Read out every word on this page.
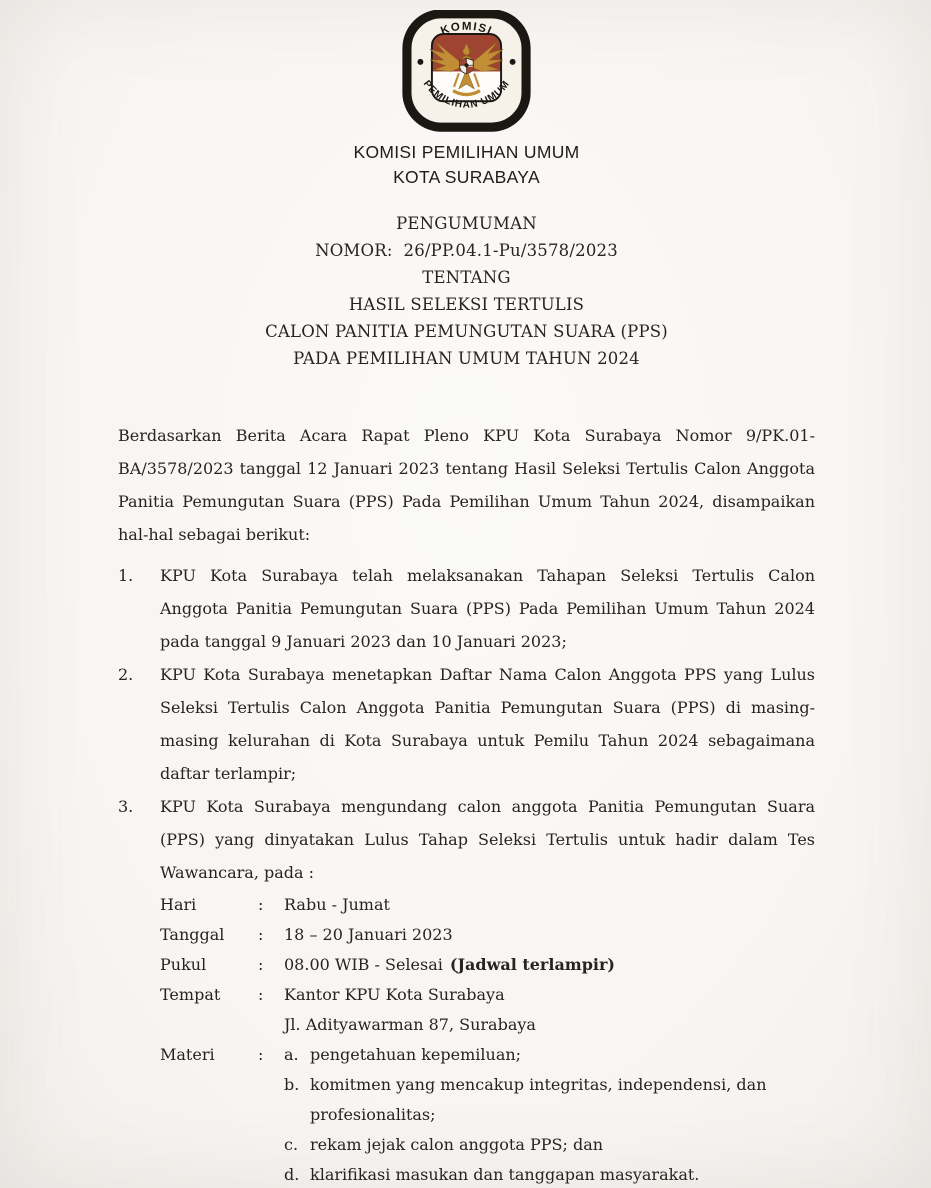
KOMISI
PEMILIHAN UMUM
KOMISI PEMILIHAN UMUM
KOTA SURABAYA
PENGUMUMAN
NOMOR:  26/PP.04.1-Pu/3578/2023
TENTANG
HASIL SELEKSI TERTULIS
CALON PANITIA PEMUNGUTAN SUARA (PPS)
PADA PEMILIHAN UMUM TAHUN 2024

Berdasarkan Berita Acara Rapat Pleno KPU Kota Surabaya Nomor 9/PK.01-BA/3578/2023 tanggal 12 Januari 2023 tentang Hasil Seleksi Tertulis Calon Anggota Panitia Pemungutan Suara (PPS) Pada Pemilihan Umum Tahun 2024, disampaikan hal-hal sebagai berikut:

1.	KPU Kota Surabaya telah melaksanakan Tahapan Seleksi Tertulis Calon Anggota Panitia Pemungutan Suara (PPS) Pada Pemilihan Umum Tahun 2024 pada tanggal 9 Januari 2023 dan 10 Januari 2023;
2.	KPU Kota Surabaya menetapkan Daftar Nama Calon Anggota PPS yang Lulus Seleksi Tertulis Calon Anggota Panitia Pemungutan Suara (PPS) di masing-masing kelurahan di Kota Surabaya untuk Pemilu Tahun 2024 sebagaimana daftar terlampir;
3.	KPU Kota Surabaya mengundang calon anggota Panitia Pemungutan Suara (PPS) yang dinyatakan Lulus Tahap Seleksi Tertulis untuk hadir dalam Tes Wawancara, pada :
Hari	:	Rabu - Jumat
Tanggal	:	18 – 20 Januari 2023
Pukul	:	08.00 WIB - Selesai (Jadwal terlampir)
Tempat	:	Kantor KPU Kota Surabaya
Jl. Adityawarman 87, Surabaya
Materi	:	a. pengetahuan kepemiluan;
b. komitmen yang mencakup integritas, independensi, dan profesionalitas;
c. rekam jejak calon anggota PPS; dan
d. klarifikasi masukan dan tanggapan masyarakat.
